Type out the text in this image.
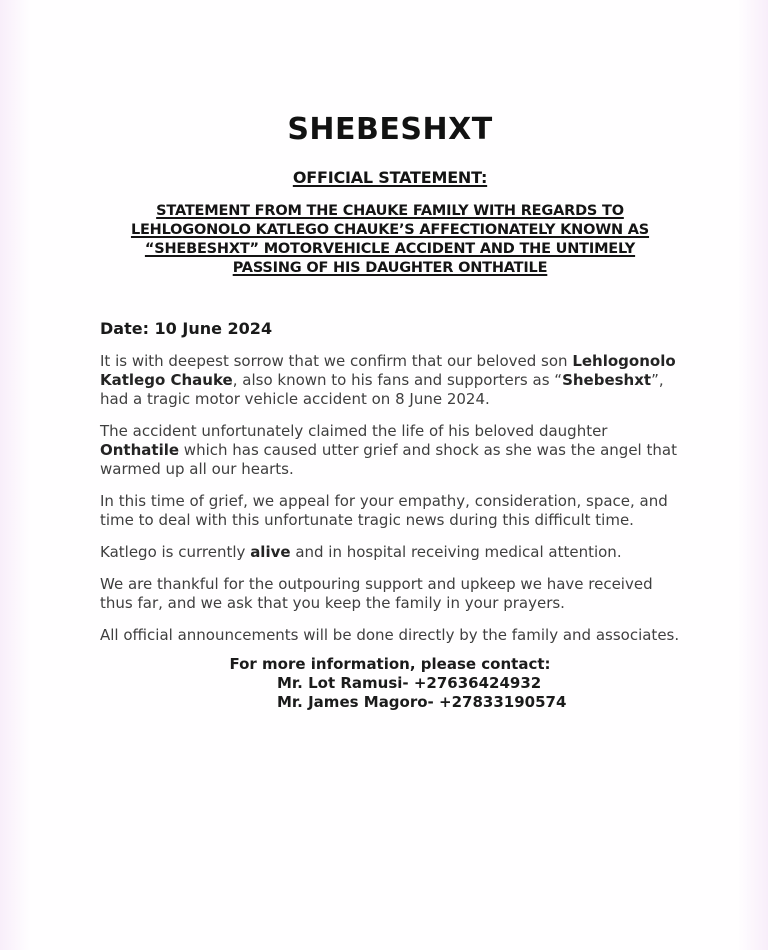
SHEBESHXT
OFFICIAL STATEMENT:
STATEMENT FROM THE CHAUKE FAMILY WITH REGARDS TO
LEHLOGONOLO KATLEGO CHAUKE’S AFFECTIONATELY KNOWN AS
“SHEBESHXT” MOTORVEHICLE ACCIDENT AND THE UNTIMELY
PASSING OF HIS DAUGHTER ONTHATILE

Date: 10 June 2024

It is with deepest sorrow that we confirm that our beloved son Lehlogonolo Katlego Chauke, also known to his fans and supporters as “Shebeshxt”, had a tragic motor vehicle accident on 8 June 2024.

The accident unfortunately claimed the life of his beloved daughter Onthatile which has caused utter grief and shock as she was the angel that warmed up all our hearts.

In this time of grief, we appeal for your empathy, consideration, space, and time to deal with this unfortunate tragic news during this difficult time.

Katlego is currently alive and in hospital receiving medical attention.

We are thankful for the outpouring support and upkeep we have received thus far, and we ask that you keep the family in your prayers.

All official announcements will be done directly by the family and associates.

For more information, please contact:
Mr. Lot Ramusi- +27636424932
Mr. James Magoro- +27833190574
